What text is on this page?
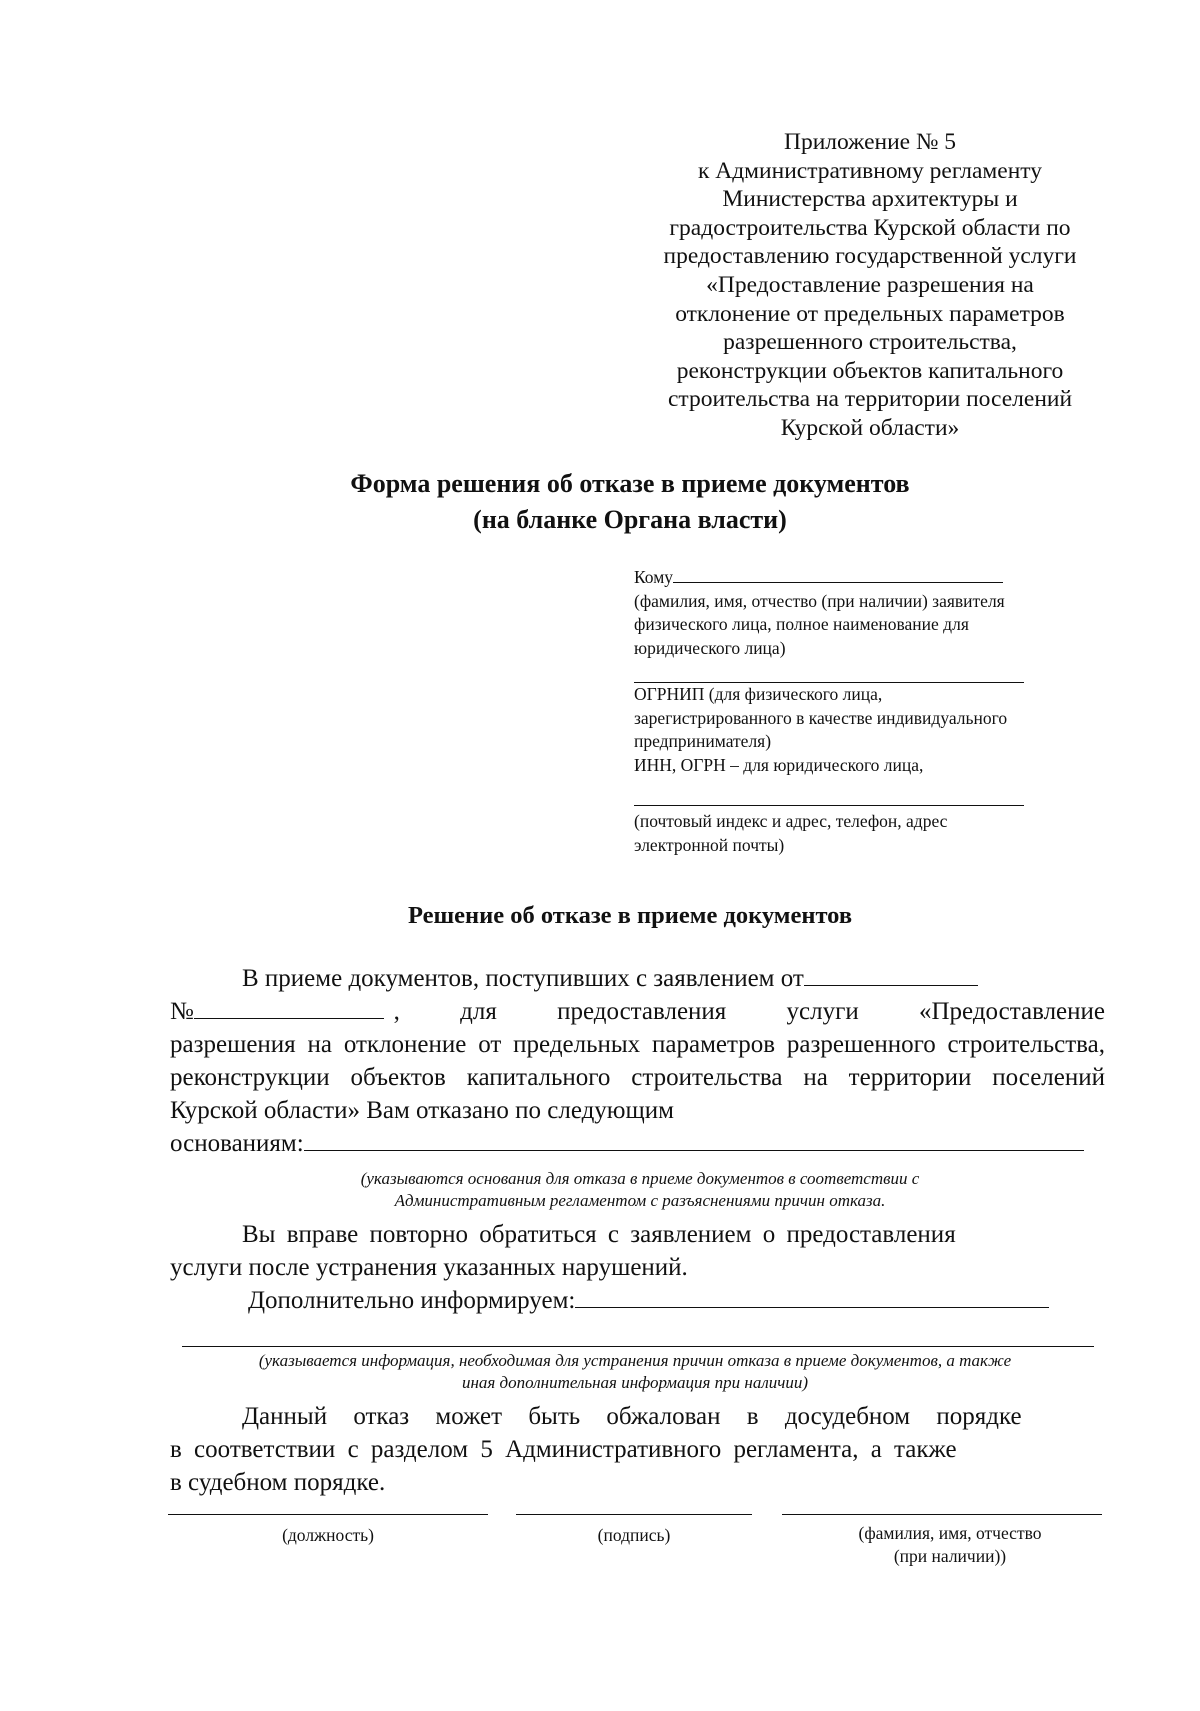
Приложение № 5
к Административному регламенту
Министерства архитектуры и
градостроительства Курской области по
предоставлению государственной услуги
«Предоставление разрешения на
отклонение от предельных параметров
разрешенного строительства,
реконструкции объектов капитального
строительства на территории поселений
Курской области»
Форма решения об отказе в приеме документов
(на бланке Органа власти)
Кому
(фамилия, имя, отчество (при наличии) заявителя
физического лица, полное наименование для
юридического лица)
ОГРНИП (для физического лица,
зарегистрированного в качестве индивидуального
предпринимателя)
ИНН, ОГРН – для юридического лица,
(почтовый индекс и адрес, телефон, адрес
электронной почты)
Решение об отказе в приеме документов
В приеме документов, поступивших с заявлением от
№	, для предоставления услуги «Предоставление
разрешения на отклонение от предельных параметров разрешенного строительства, реконструкции объектов капитального строительства на территории поселений Курской области» Вам отказано по следующим
основаниям:
(указываются основания для отказа в приеме документов в соответствии с
Административным регламентом с разъяснениями причин отказа.
Вы вправе повторно обратиться с заявлением о предоставления
услуги после устранения указанных нарушений.
Дополнительно информируем:
(указывается информация, необходимая для устранения причин отказа в приеме документов, а также
иная дополнительная информация при наличии)
Данный отказ может быть обжалован в досудебном порядке
в соответствии с разделом 5 Административного регламента, а также
в судебном порядке.
(должность)	(подпись)	(фамилия, имя, отчество
(при наличии))
